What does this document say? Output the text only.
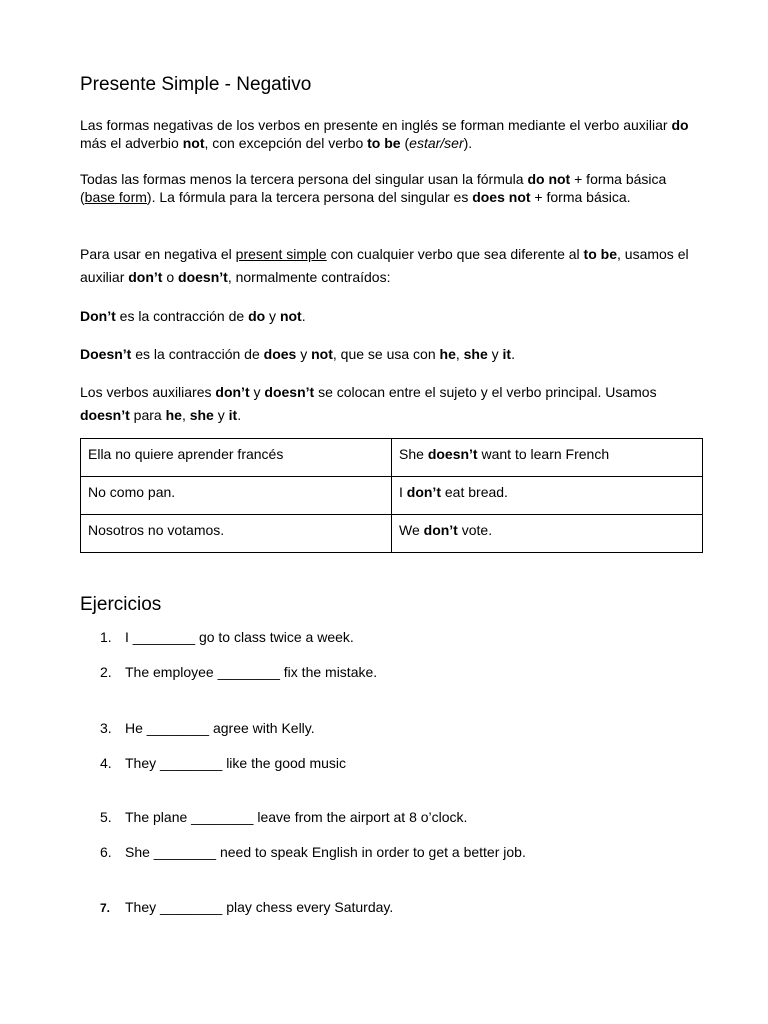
Presente Simple - Negativo

Las formas negativas de los verbos en presente en inglés se forman mediante el verbo auxiliar do más el adverbio not, con excepción del verbo to be (estar/ser).

Todas las formas menos la tercera persona del singular usan la fórmula do not + forma básica (base form). La fórmula para la tercera persona del singular es does not + forma básica.

Para usar en negativa el present simple con cualquier verbo que sea diferente al to be, usamos el auxiliar don’t o doesn’t, normalmente contraídos:

Don’t es la contracción de do y not.

Doesn’t es la contracción de does y not, que se usa con he, she y it.

Los verbos auxiliares don’t y doesn’t se colocan entre el sujeto y el verbo principal. Usamos doesn’t para he, she y it.

Ella no quiere aprender francés	She doesn’t want to learn French

No como pan.	I don’t eat bread.

Nosotros no votamos.	We don’t vote.
Ejercicios
1. I ________ go to class twice a week.
2. The employee ________ fix the mistake.
3. He ________ agree with Kelly.
4. They ________ like the good music
5. The plane ________ leave from the airport at 8 o’clock.
6. She ________ need to speak English in order to get a better job.
7. They ________ play chess every Saturday.
